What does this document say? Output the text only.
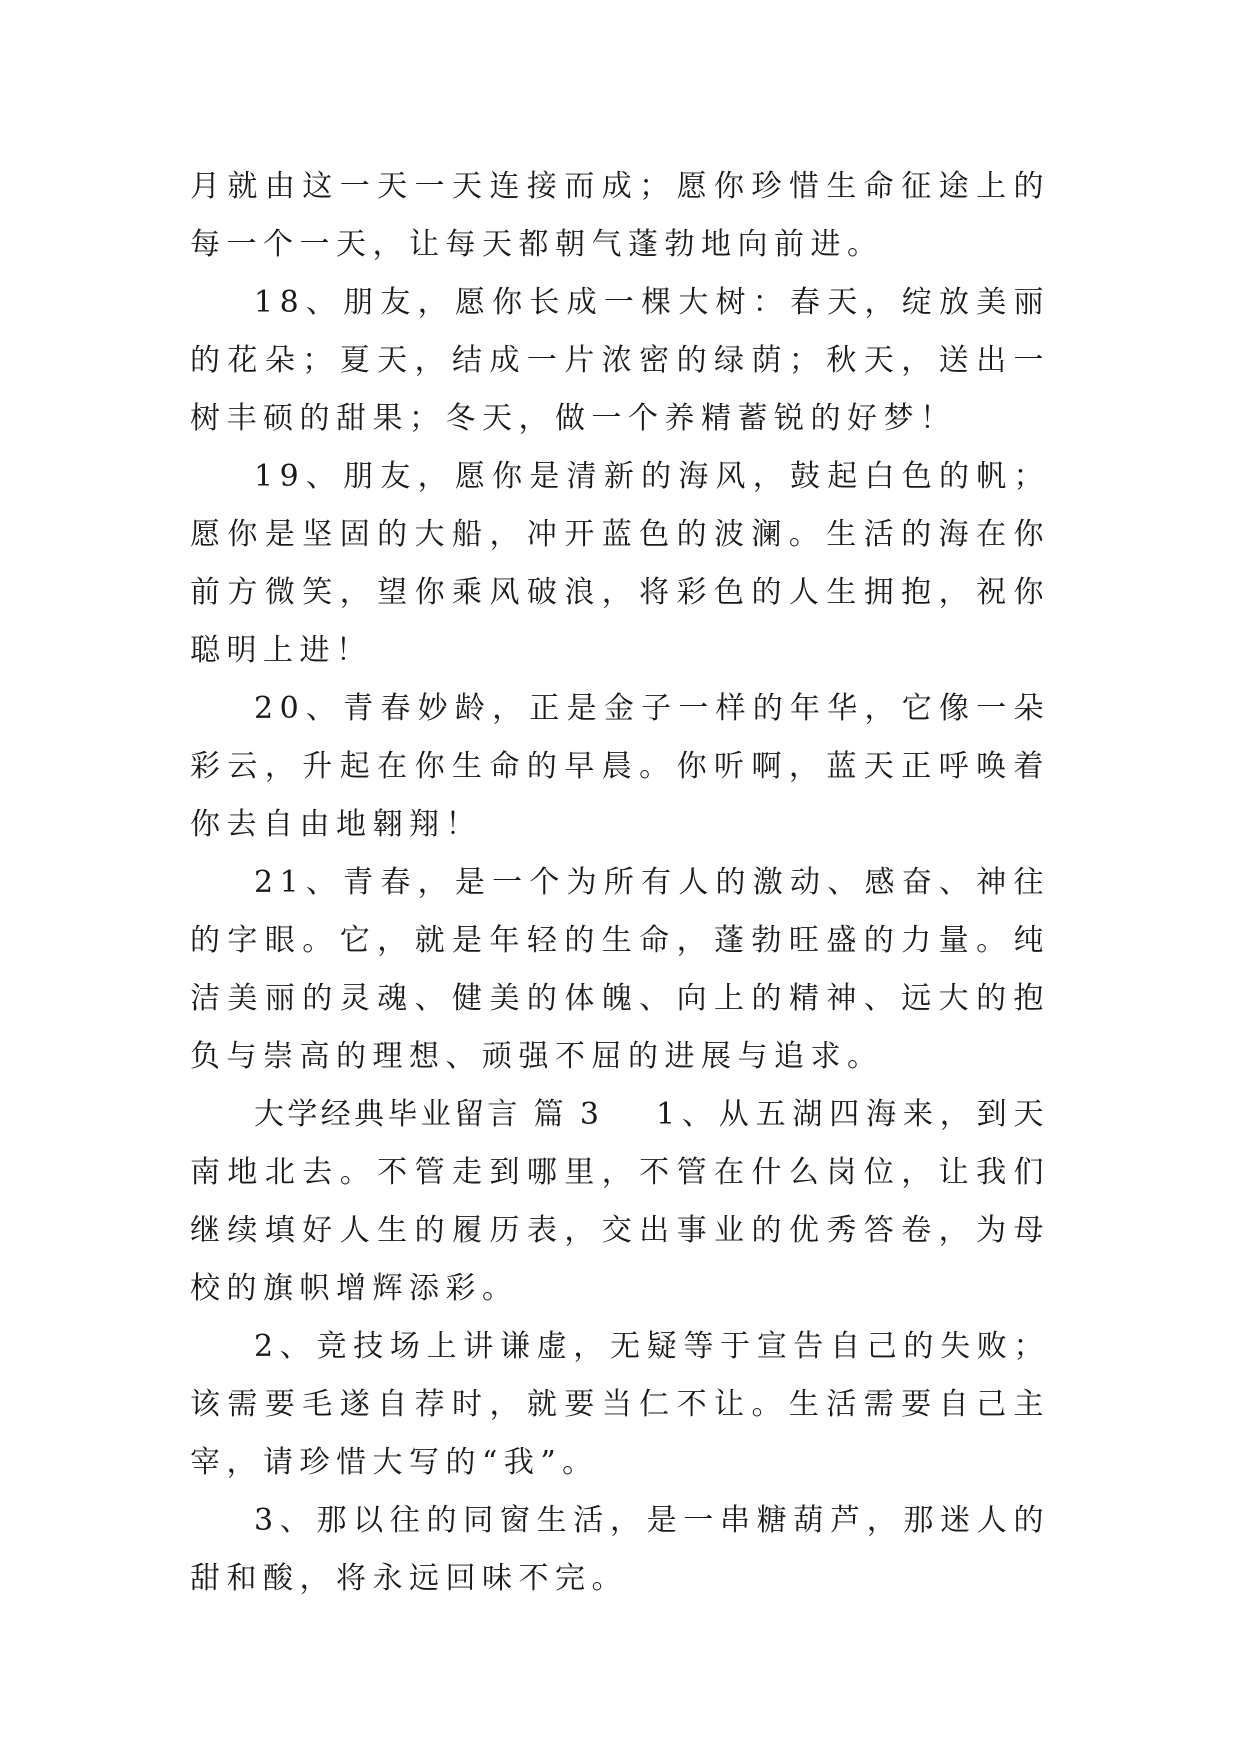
月就由这一天一天连接而成；愿你珍惜生命征途上的每一个一天，让每天都朝气蓬勃地向前进。

18、朋友，愿你长成一棵大树：春天，绽放美丽的花朵；夏天，结成一片浓密的绿荫；秋天，送出一树丰硕的甜果；冬天，做一个养精蓄锐的好梦！

19、朋友，愿你是清新的海风，鼓起白色的帆；愿你是坚固的大船，冲开蓝色的波澜。生活的海在你前方微笑，望你乘风破浪，将彩色的人生拥抱，祝你聪明上进！

20、青春妙龄，正是金子一样的年华，它像一朵彩云，升起在你生命的早晨。你听啊，蓝天正呼唤着你去自由地翱翔！

21、青春，是一个为所有人的激动、感奋、神往的字眼。它，就是年轻的生命，蓬勃旺盛的力量。纯洁美丽的灵魂、健美的体魄、向上的精神、远大的抱负与崇高的理想、顽强不屈的进展与追求。

大学经典毕业留言 篇 3 1、从五湖四海来，到天南地北去。不管走到哪里，不管在什么岗位，让我们继续填好人生的履历表，交出事业的优秀答卷，为母校的旗帜增辉添彩。

2、竞技场上讲谦虚，无疑等于宣告自己的失败；该需要毛遂自荐时，就要当仁不让。生活需要自己主宰，请珍惜大写的“我”。

3、那以往的同窗生活，是一串糖葫芦，那迷人的甜和酸，将永远回味不完。
